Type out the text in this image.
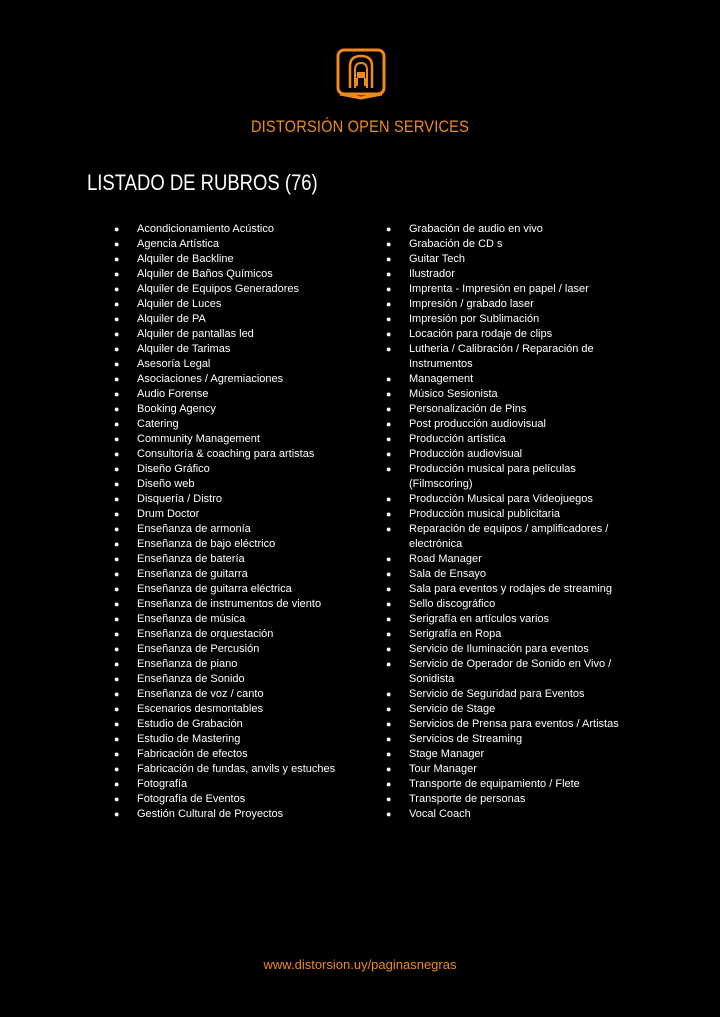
DISTORSIÓN OPEN SERVICES
LISTADO DE RUBROS (76)
● Acondicionamiento Acústico
● Agencia Artística
● Alquiler de Backline
● Alquiler de Baños Químicos
● Alquiler de Equipos Generadores
● Alquiler de Luces
● Alquiler de PA
● Alquiler de pantallas led
● Alquiler de Tarimas
● Asesoría Legal
● Asociaciones / Agremiaciones
● Audio Forense
● Booking Agency
● Catering
● Community Management
● Consultoría & coaching para artistas
● Diseño Gráfico
● Diseño web
● Disquería / Distro
● Drum Doctor
● Enseñanza de armonía
● Enseñanza de bajo eléctrico
● Enseñanza de batería
● Enseñanza de guitarra
● Enseñanza de guitarra eléctrica
● Enseñanza de instrumentos de viento
● Enseñanza de música
● Enseñanza de orquestación
● Enseñanza de Percusión
● Enseñanza de piano
● Enseñanza de Sonido
● Enseñanza de voz / canto
● Escenarios desmontables
● Estudio de Grabación
● Estudio de Mastering
● Fabricación de efectos
● Fabricación de fundas, anvils y estuches
● Fotografía
● Fotografía de Eventos
● Gestión Cultural de Proyectos
● Grabación de audio en vivo
● Grabación de CD s
● Guitar Tech
● Ilustrador
● Imprenta - Impresión en papel / laser
● Impresión / grabado laser
● Impresión por Sublimación
● Locación para rodaje de clips
● Lutheria / Calibración / Reparación de Instrumentos
● Management
● Músico Sesionista
● Personalización de Pins
● Post producción audiovisual
● Producción artística
● Producción audiovisual
● Producción musical para películas (Filmscoring)
● Producción Musical para Videojuegos
● Producción musical publicitaria
● Reparación de equipos / amplificadores / electrónica
● Road Manager
● Sala de Ensayo
● Sala para eventos y rodajes de streaming
● Sello discográfico
● Serigrafía en artículos varios
● Serigrafía en Ropa
● Servicio de Iluminación para eventos
● Servicio de Operador de Sonido en Vivo / Sonidista
● Servicio de Seguridad para Eventos
● Servicio de Stage
● Servicios de Prensa para eventos / Artistas
● Servicios de Streaming
● Stage Manager
● Tour Manager
● Transporte de equipamiento / Flete
● Transporte de personas
● Vocal Coach
www.distorsion.uy/paginasnegras
